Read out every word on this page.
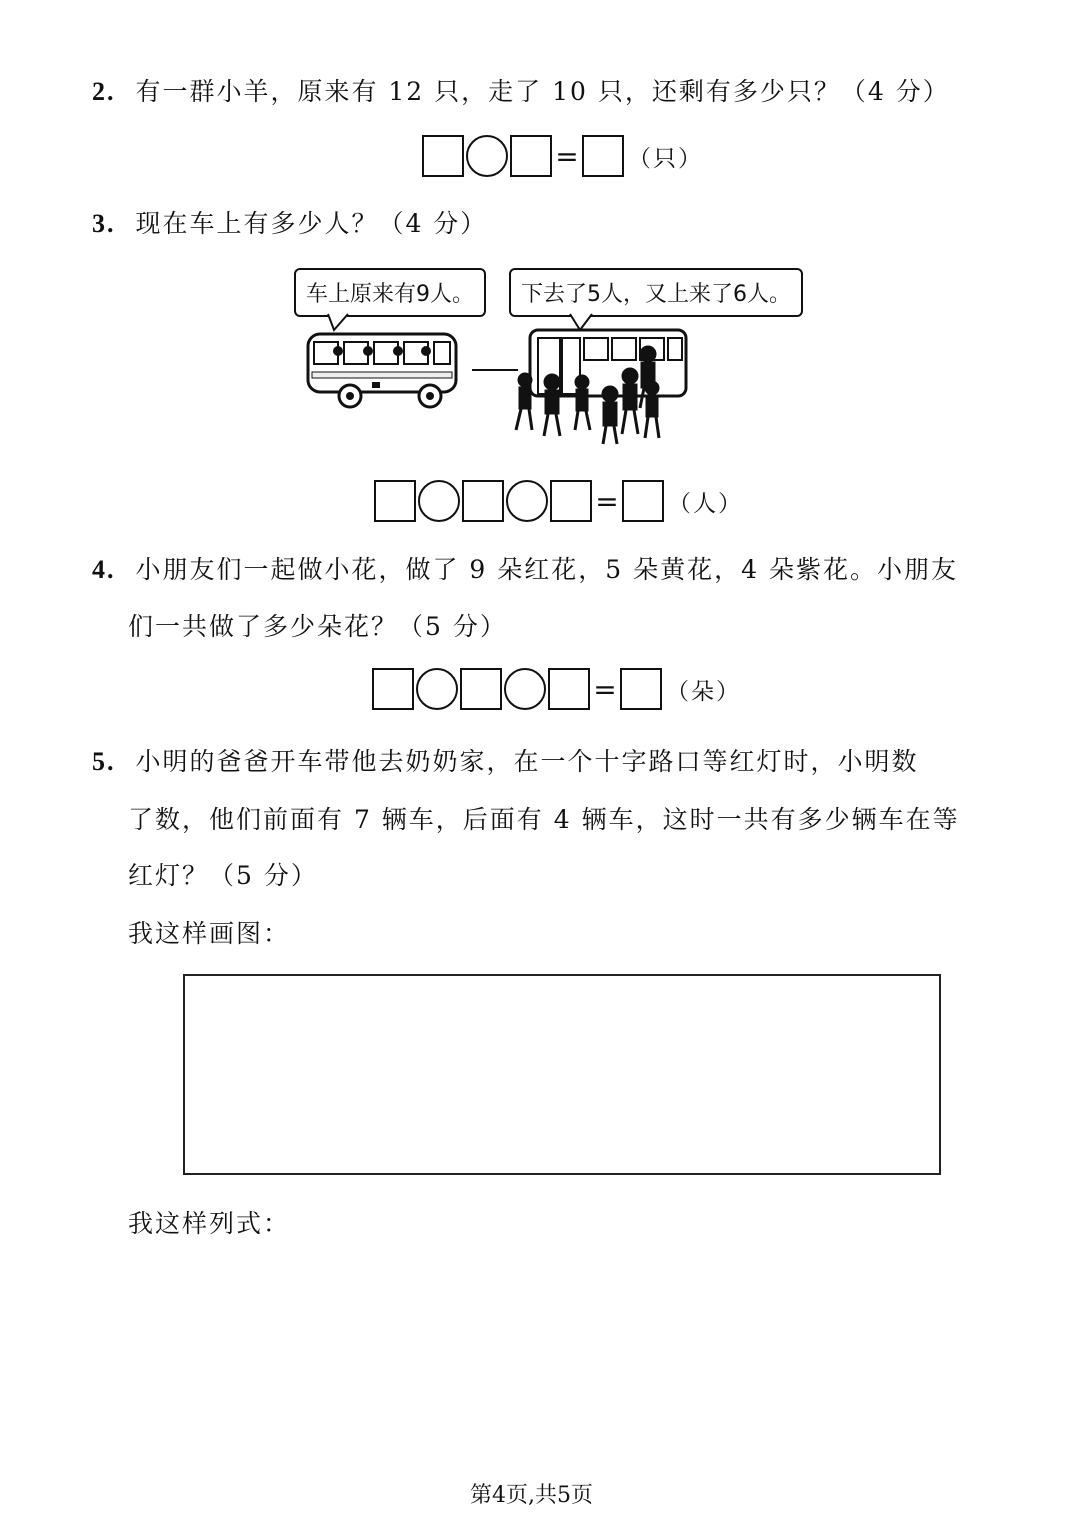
2. 有一群小羊，原来有 12 只，走了 10 只，还剩有多少只？（4 分）
= （只）
3. 现在车上有多少人？（4 分）
车上原来有9人。	下去了5人，又上来了6人。
= （人）
4. 小朋友们一起做小花，做了 9 朵红花，5 朵黄花，4 朵紫花。小朋友
们一共做了多少朵花？（5 分）
= （朵）
5. 小明的爸爸开车带他去奶奶家，在一个十字路口等红灯时，小明数
了数，他们前面有 7 辆车，后面有 4 辆车，这时一共有多少辆车在等
红灯？（5 分）
我这样画图：
我这样列式：
第4页,共5页
